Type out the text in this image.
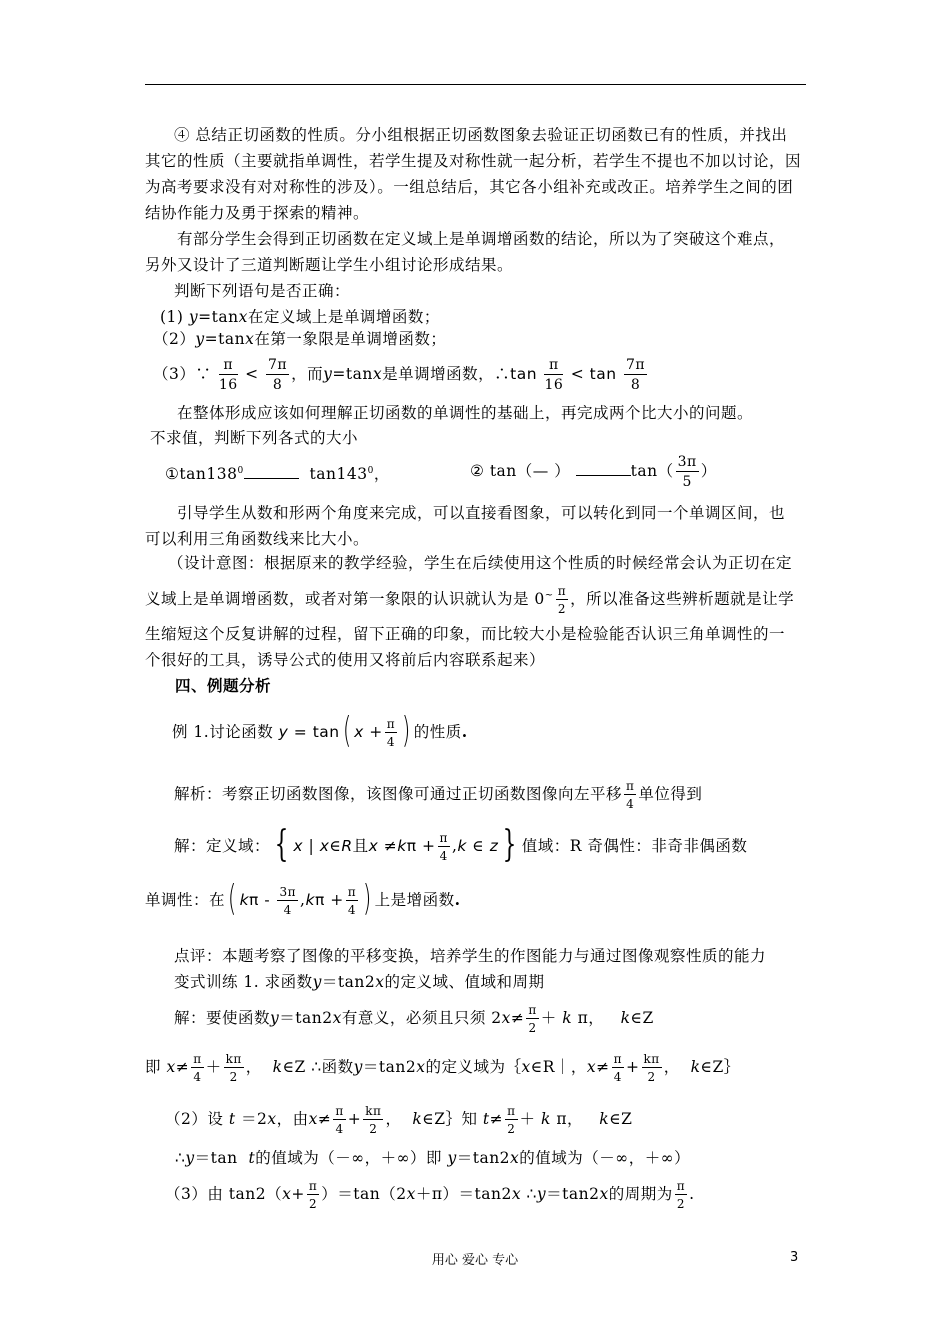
④ 总结正切函数的性质。分小组根据正切函数图象去验证正切函数已有的性质，并找出
其它的性质（主要就指单调性，若学生提及对称性就一起分析，若学生不提也不加以讨论，因
为高考要求没有对对称性的涉及）。一组总结后，其它各小组补充或改正。培养学生之间的团
结协作能力及勇于探索的精神。
有部分学生会得到正切函数在定义域上是单调增函数的结论，所以为了突破这个难点，
另外又设计了三道判断题让学生小组讨论形成结果。
判断下列语句是否正确：
(1) y=tanx在定义域上是单调增函数；
（2）y=tanx在第一象限是单调增函数；
（3）∵ $\frac{\pi}{16} < \frac{7\pi}{8}$ ，而y=tanx是单调增函数，∴tan $\frac{\pi}{16} < \tan \frac{7\pi}{8}$
在整体形成应该如何理解正切函数的单调性的基础上，再完成两个比大小的问题。
不求值，判断下列各式的大小
$①\tan 138^0$	$\tan 143^0$，	② tan（— ）	$\tan( \frac{3\pi}{5}$ ）
引导学生从数和形两个角度来完成，可以直接看图象，可以转化到同一个单调区间，也
可以利用三角函数线来比大小。
（设计意图：根据原来的教学经验，学生在后续使用这个性质的时候经常会认为正切在定
义域上是单调增函数，或者对第一象限的认识就认为是 $0^\sim \frac{\pi}{2}$ ，所以准备这些辨析题就是让学
生缩短这个反复讲解的过程，留下正确的印象，而比较大小是检验能否认识三角单调性的一
个很好的工具，诱导公式的使用又将前后内容联系起来）
四、例题分析
例 1.讨论函数 y = tan( $x + \frac{\pi}{4}$ ) 的性质.
解析：考察正切函数图像，该图像可通过正切函数图像向左平移 $\frac{\pi}{4}$ 单位得到
解：定义域： { x | x∈R且$x \ne k\pi + \frac{\pi}{4} ,k$ ∈ z } 值域：R 奇偶性：非奇非偶函数
单调性：在( $k\pi - \frac{3\pi}{4} ,k\pi + \frac{\pi}{4}$ ) 上是增函数.
点评：本题考察了图像的平移变换，培养学生的作图能力与通过图像观察性质的能力
变式训练 1. 求函数y＝tan2x的定义域、值域和周期
解：要使函数y＝tan2x有意义，必须且只须 $2x\ne \frac{\pi}{2} + k$ π， k∈Z
即 $x\ne \frac{\pi}{4} + \frac{k\pi}{2}$ ， k∈Z ∴函数y＝tan2x的定义域为｛x∈R｜，$x\ne \frac{\pi}{4} + \frac{k\pi}{2}$ ， k∈Z｝
（2）设 t ＝2x，由$x\ne \frac{\pi}{4} + \frac{k\pi}{2}$ ， k∈Z｝知 $t\ne \frac{\pi}{2} + k$ π， k∈Z
∴y＝tan t的值域为（－∞，＋∞）即 y＝tan2x的值域为（－∞，＋∞）
（3）由 $\tan 2(x+ \frac{\pi}{2} )=\tan(2x+\pi)=\tan 2x$ ∴y＝tan2x的周期为 $\frac{\pi}{2}$ .
用心 爱心 专心	3
